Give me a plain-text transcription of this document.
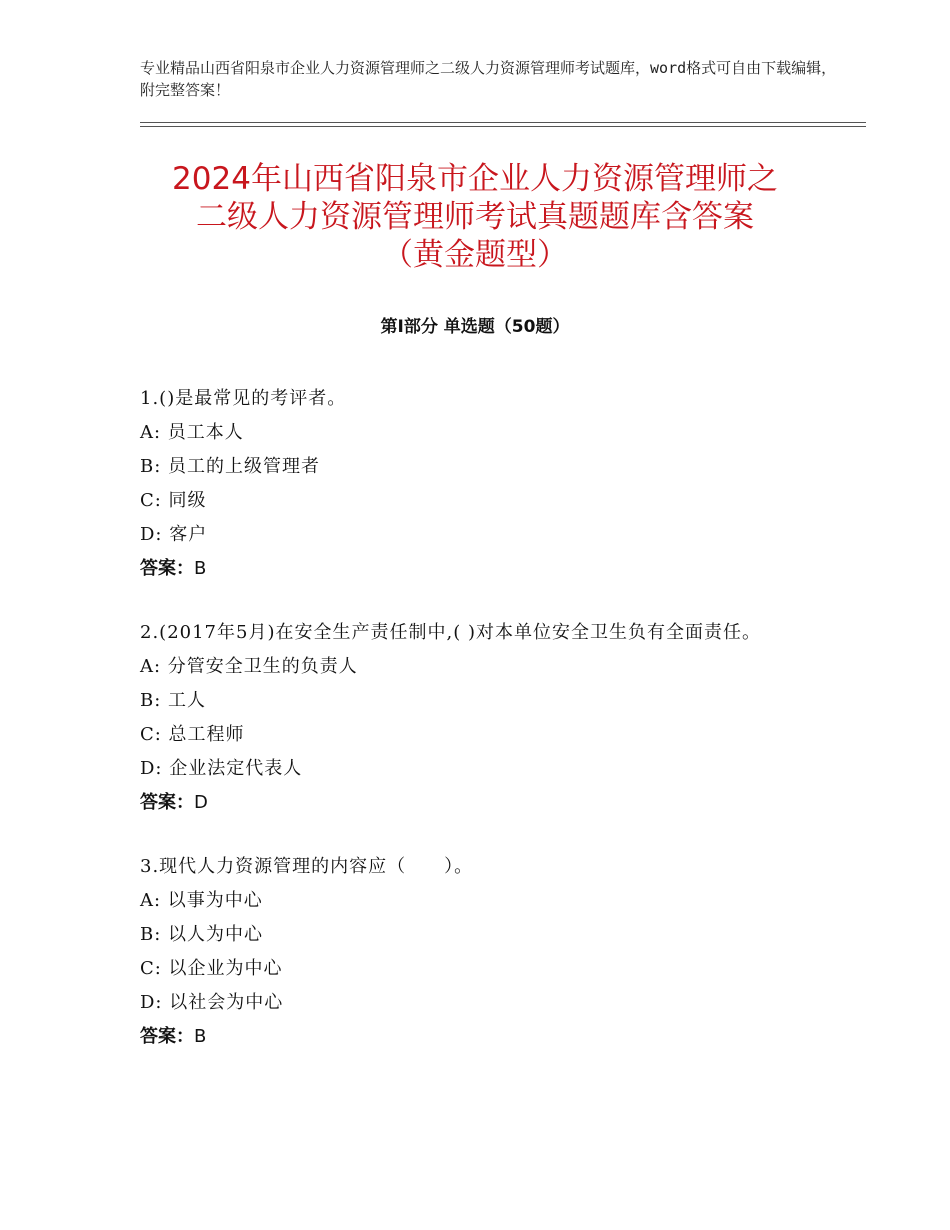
专业精品山西省阳泉市企业人力资源管理师之二级人力资源管理师考试题库，word格式可自由下载编辑，附完整答案！
2024年山西省阳泉市企业人力资源管理师之
二级人力资源管理师考试真题题库含答案
（黄金题型）
第Ⅰ部分 单选题（50题）
1.()是最常见的考评者。
A: 员工本人
B: 员工的上级管理者
C: 同级
D: 客户
答案：B
2.(2017年5月)在安全生产责任制中,( )对本单位安全卫生负有全面责任。
A: 分管安全卫生的负责人
B: 工人
C: 总工程师
D: 企业法定代表人
答案：D
3.现代人力资源管理的内容应（　　）。
A: 以事为中心
B: 以人为中心
C: 以企业为中心
D: 以社会为中心
答案：B
